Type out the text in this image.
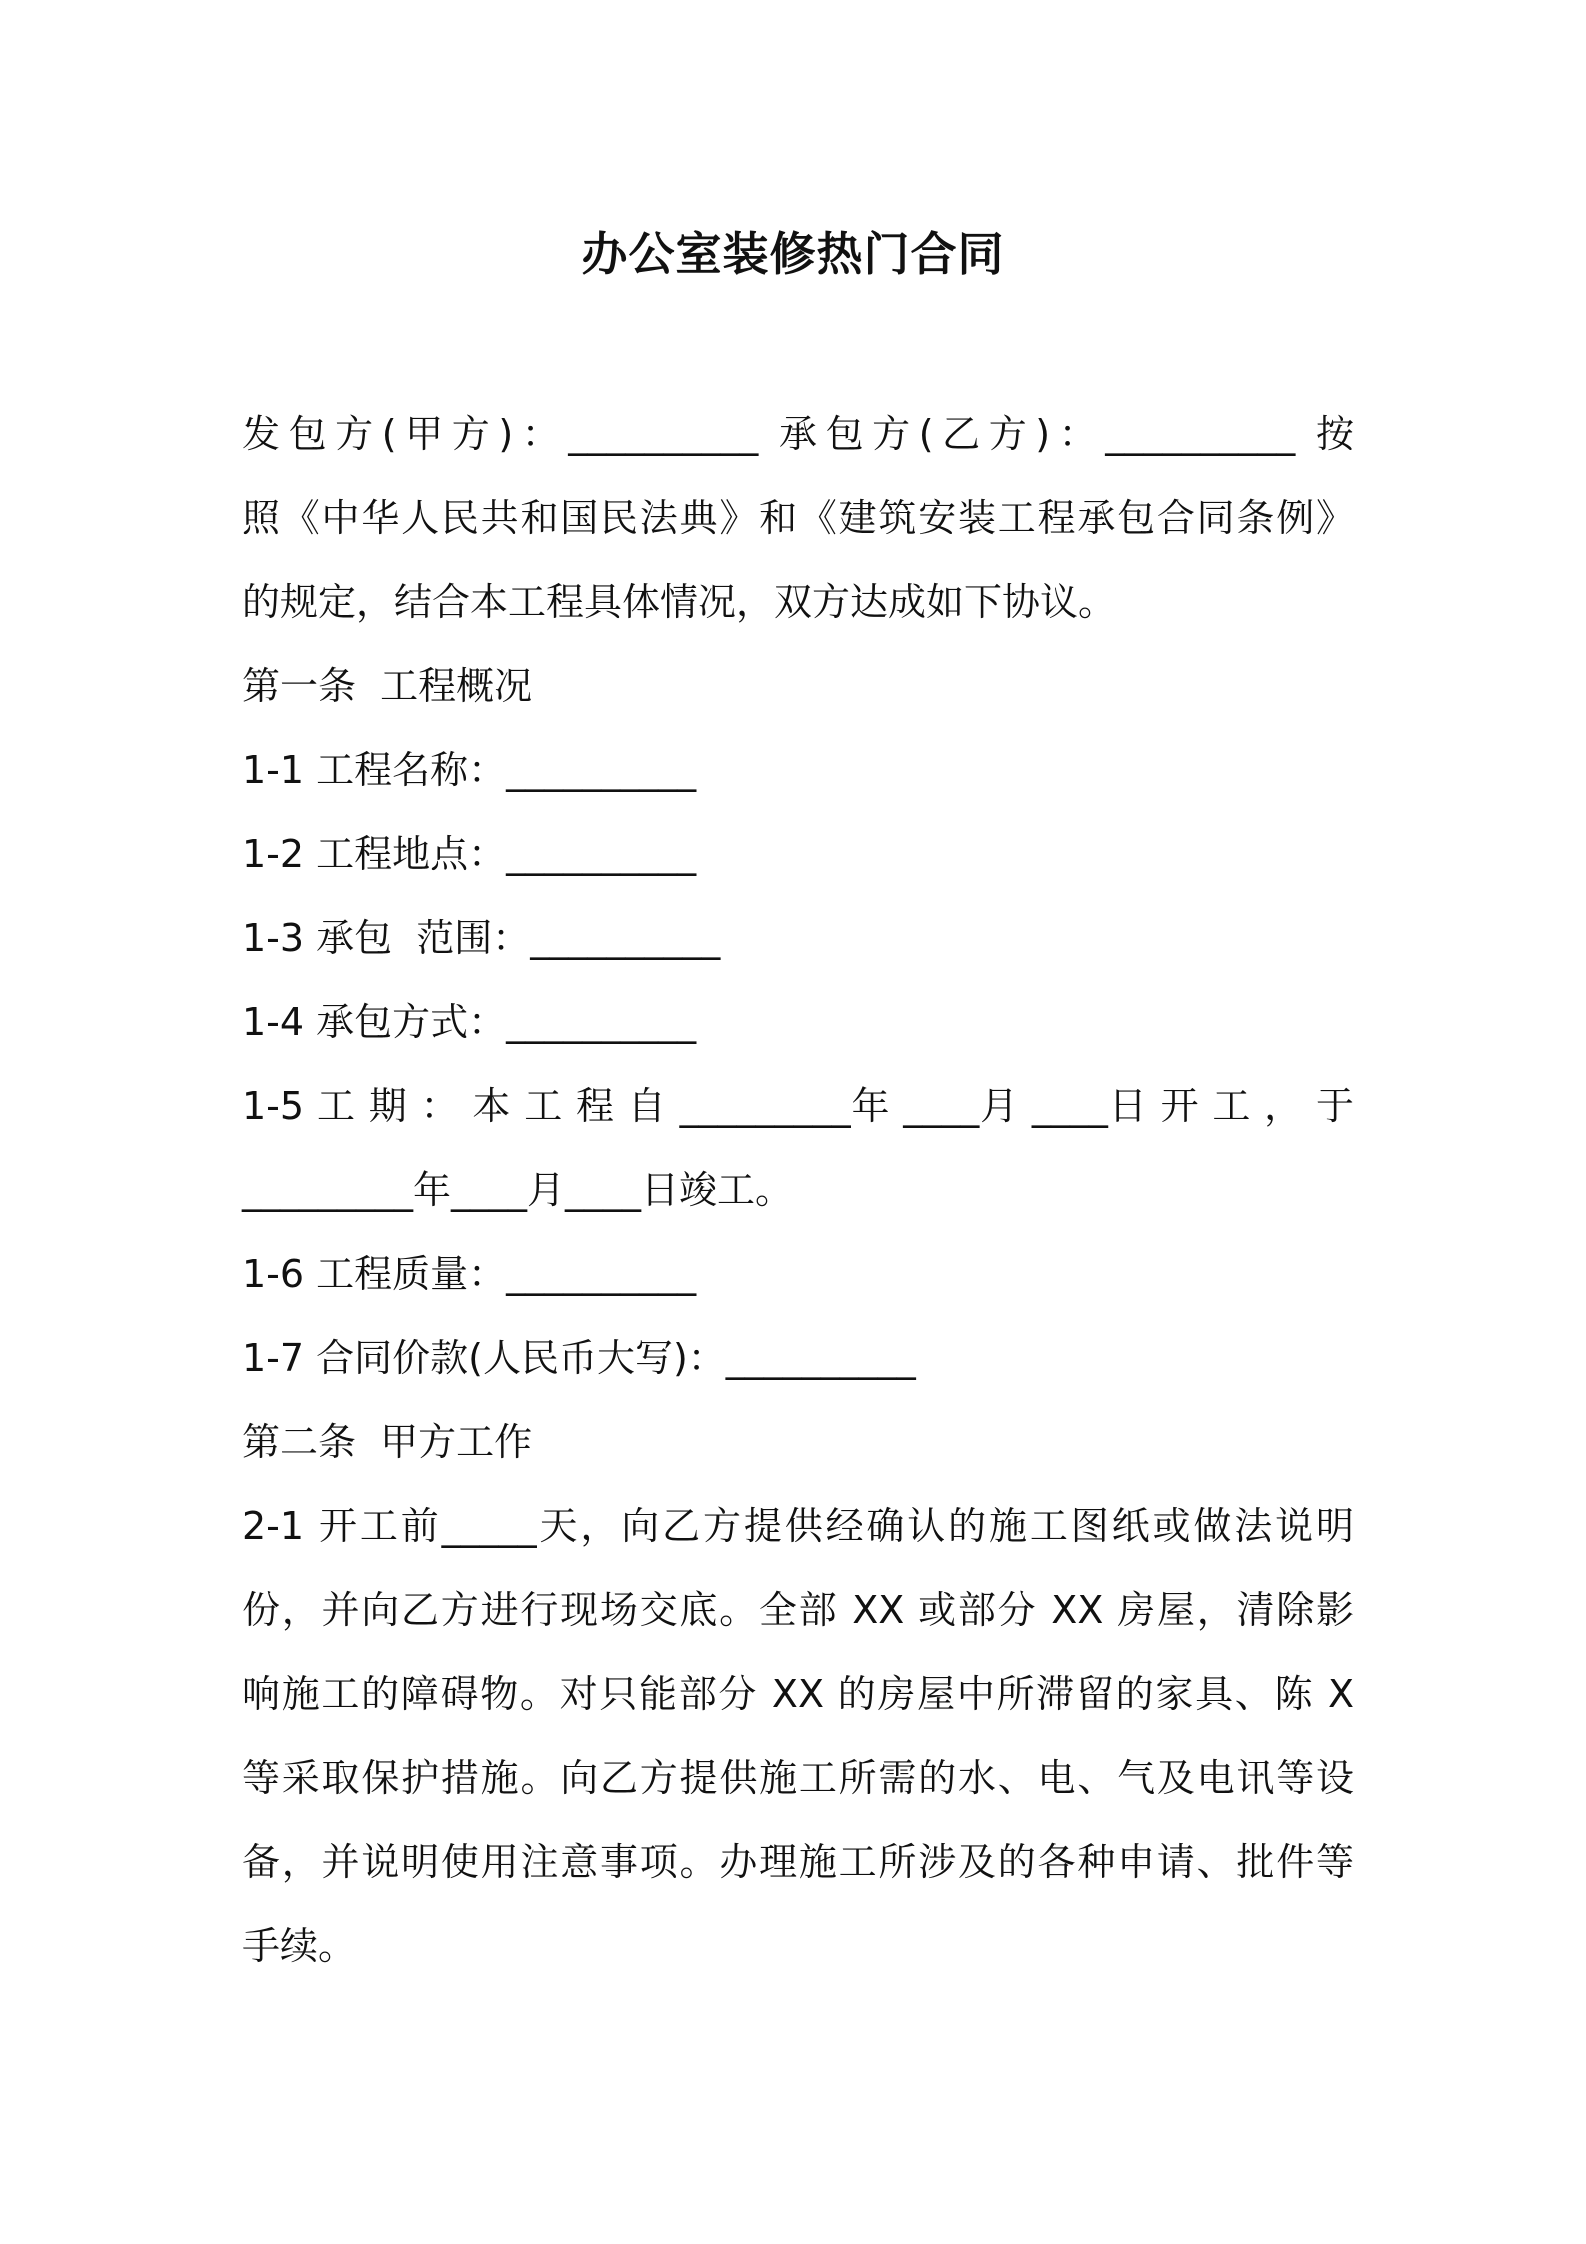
办公室装修热门合同

发包方(甲方)：__________ 承包方(乙方)：__________ 按

照《中华人民共和国民法典》和《建筑安装工程承包合同条例》

的规定，结合本工程具体情况，双方达成如下协议。

第一条  工程概况

1-1 工程名称：__________

1-2 工程地点：__________

1-3 承包  范围：__________

1-4 承包方式：__________

1-5 工 期 ： 本 工 程 自 _________年 ____月 ____日 开 工 ， 于

_________年____月____日竣工。

1-6 工程质量：__________

1-7 合同价款(人民币大写)：__________

第二条  甲方工作

2-1 开工前_____天，向乙方提供经确认的施工图纸或做法说明

份，并向乙方进行现场交底。全部 XX 或部分 XX 房屋，清除影

响施工的障碍物。对只能部分 XX 的房屋中所滞留的家具、陈 X

等采取保护措施。向乙方提供施工所需的水、电、气及电讯等设

备，并说明使用注意事项。办理施工所涉及的各种申请、批件等

手续。
